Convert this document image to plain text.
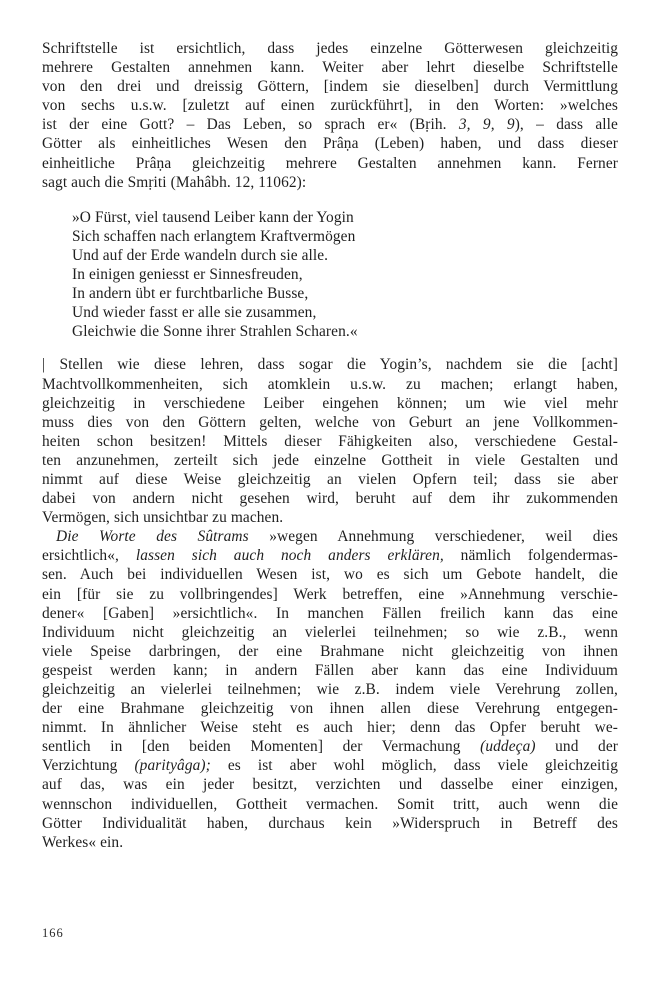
Schriftstelle ist ersichtlich, dass jedes einzelne Götterwesen gleichzeitig
mehrere Gestalten annehmen kann. Weiter aber lehrt dieselbe Schriftstelle
von den drei und dreissig Göttern, [indem sie dieselben] durch Vermittlung
von sechs u.s.w. [zuletzt auf einen zurückführt], in den Worten: »welches
ist der eine Gott? – Das Leben, so sprach er« (Bṛih. 3, 9, 9), – dass alle
Götter als einheitliches Wesen den Prâṇa (Leben) haben, und dass dieser
einheitliche Prâṇa gleichzeitig mehrere Gestalten annehmen kann. Ferner
sagt auch die Smṛiti (Mahâbh. 12, 11062):
»O Fürst, viel tausend Leiber kann der Yogin
Sich schaffen nach erlangtem Kraftvermögen
Und auf der Erde wandeln durch sie alle.
In einigen geniesst er Sinnesfreuden,
In andern übt er furchtbarliche Busse,
Und wieder fasst er alle sie zusammen,
Gleichwie die Sonne ihrer Strahlen Scharen.«
| Stellen wie diese lehren, dass sogar die Yogin’s, nachdem sie die [acht]
Machtvollkommenheiten, sich atomklein u.s.w. zu machen; erlangt haben,
gleichzeitig in verschiedene Leiber eingehen können; um wie viel mehr
muss dies von den Göttern gelten, welche von Geburt an jene Vollkommen-
heiten schon besitzen! Mittels dieser Fähigkeiten also, verschiedene Gestal-
ten anzunehmen, zerteilt sich jede einzelne Gottheit in viele Gestalten und
nimmt auf diese Weise gleichzeitig an vielen Opfern teil; dass sie aber
dabei von andern nicht gesehen wird, beruht auf dem ihr zukommenden
Vermögen, sich unsichtbar zu machen.
Die Worte des Sûtrams »wegen Annehmung verschiedener, weil dies
ersichtlich«, lassen sich auch noch anders erklären, nämlich folgendermas-
sen. Auch bei individuellen Wesen ist, wo es sich um Gebote handelt, die
ein [für sie zu vollbringendes] Werk betreffen, eine »Annehmung verschie-
dener« [Gaben] »ersichtlich«. In manchen Fällen freilich kann das eine
Individuum nicht gleichzeitig an vielerlei teilnehmen; so wie z.B., wenn
viele Speise darbringen, der eine Brahmane nicht gleichzeitig von ihnen
gespeist werden kann; in andern Fällen aber kann das eine Individuum
gleichzeitig an vielerlei teilnehmen; wie z.B. indem viele Verehrung zollen,
der eine Brahmane gleichzeitig von ihnen allen diese Verehrung entgegen-
nimmt. In ähnlicher Weise steht es auch hier; denn das Opfer beruht we-
sentlich in [den beiden Momenten] der Vermachung (uddeça) und der
Verzichtung (parityâga); es ist aber wohl möglich, dass viele gleichzeitig
auf das, was ein jeder besitzt, verzichten und dasselbe einer einzigen,
wennschon individuellen, Gottheit vermachen. Somit tritt, auch wenn die
Götter Individualität haben, durchaus kein »Widerspruch in Betreff des
Werkes« ein.
166
